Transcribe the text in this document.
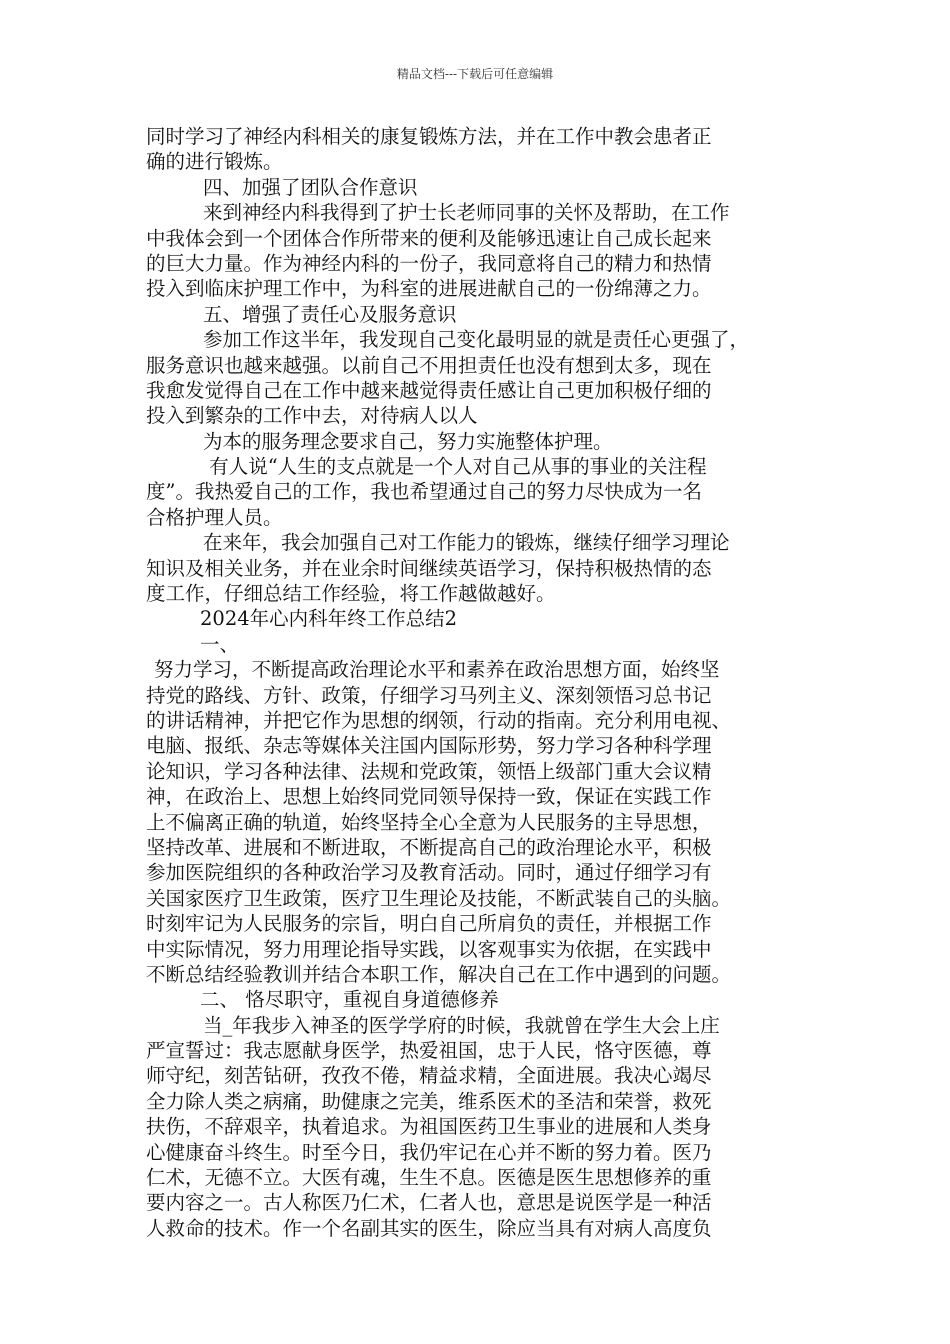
精品文档---下载后可任意编辑
同时学习了神经内科相关的康复锻炼方法，并在工作中教会患者正
确的进行锻炼。
四、加强了团队合作意识
来到神经内科我得到了护士长老师同事的关怀及帮助，在工作
中我体会到一个团体合作所带来的便利及能够迅速让自己成长起来
的巨大力量。作为神经内科的一份子，我同意将自己的精力和热情
投入到临床护理工作中，为科室的进展进献自己的一份绵薄之力。
五、增强了责任心及服务意识
参加工作这半年，我发现自己变化最明显的就是责任心更强了，
服务意识也越来越强。以前自己不用担责任也没有想到太多，现在
我愈发觉得自己在工作中越来越觉得责任感让自己更加积极仔细的
投入到繁杂的工作中去，对待病人以人
为本的服务理念要求自己，努力实施整体护理。
有人说“人生的支点就是一个人对自己从事的事业的关注程
度”。我热爱自己的工作，我也希望通过自己的努力尽快成为一名
合格护理人员。
在来年，我会加强自己对工作能力的锻炼，继续仔细学习理论
知识及相关业务，并在业余时间继续英语学习，保持积极热情的态
度工作，仔细总结工作经验，将工作越做越好。
2024年心内科年终工作总结2
一、
努力学习，不断提高政治理论水平和素养在政治思想方面，始终坚
持党的路线、方针、政策，仔细学习马列主义、深刻领悟习总书记
的讲话精神，并把它作为思想的纲领，行动的指南。充分利用电视、
电脑、报纸、杂志等媒体关注国内国际形势，努力学习各种科学理
论知识，学习各种法律、法规和党政策，领悟上级部门重大会议精
神，在政治上、思想上始终同党同领导保持一致，保证在实践工作
上不偏离正确的轨道，始终坚持全心全意为人民服务的主导思想，
坚持改革、进展和不断进取，不断提高自己的政治理论水平，积极
参加医院组织的各种政治学习及教育活动。同时，通过仔细学习有
关国家医疗卫生政策，医疗卫生理论及技能，不断武装自己的头脑。
时刻牢记为人民服务的宗旨，明白自己所肩负的责任，并根据工作
中实际情况，努力用理论指导实践，以客观事实为依据，在实践中
不断总结经验教训并结合本职工作，解决自己在工作中遇到的问题。
二、 恪尽职守，重视自身道德修养
当_年我步入神圣的医学学府的时候，我就曾在学生大会上庄
严宣誓过：我志愿献身医学，热爱祖国，忠于人民，恪守医德，尊
师守纪，刻苦钻研，孜孜不倦，精益求精，全面进展。我决心竭尽
全力除人类之病痛，助健康之完美，维系医术的圣洁和荣誉，救死
扶伤，不辞艰辛，执着追求。为祖国医药卫生事业的进展和人类身
心健康奋斗终生。时至今日，我仍牢记在心并不断的努力着。医乃
仁术，无德不立。大医有魂，生生不息。医德是医生思想修养的重
要内容之一。古人称医乃仁术，仁者人也，意思是说医学是一种活
人救命的技术。作一个名副其实的医生，除应当具有对病人高度负
